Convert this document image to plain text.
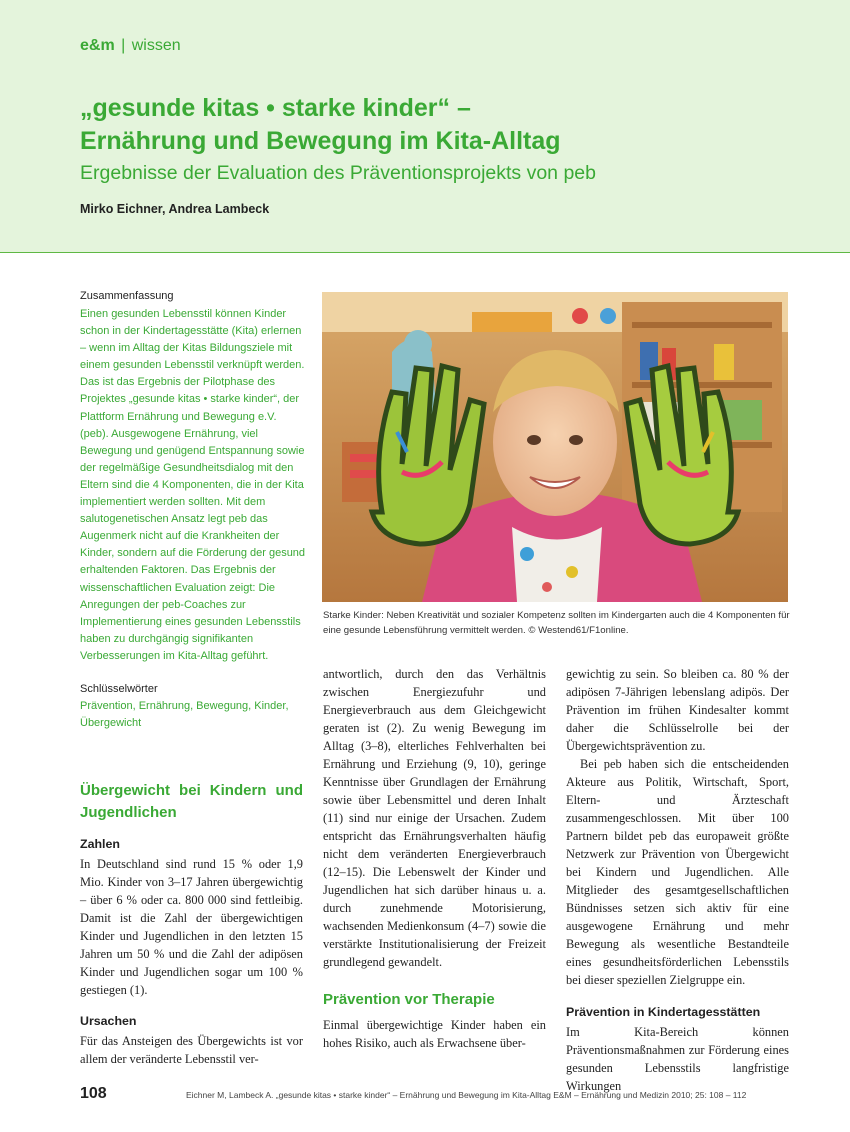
e&m | wissen
„gesunde kitas • starke kinder“ –
Ernährung und Bewegung im Kita-Alltag
Ergebnisse der Evaluation des Präventionsprojekts von peb
Mirko Eichner, Andrea Lambeck
Zusammenfassung
Einen gesunden Lebensstil können Kinder schon in der Kindertagesstätte (Kita) erlernen – wenn im Alltag der Kitas Bildungsziele mit einem gesunden Lebensstil verknüpft werden. Das ist das Ergebnis der Pilotphase des Projektes „gesunde kitas • starke kinder“, der Plattform Ernährung und Bewegung e.V. (peb). Ausgewogene Ernährung, viel Bewegung und genügend Entspannung sowie der regelmäßige Gesundheitsdialog mit den Eltern sind die 4 Komponenten, die in der Kita implementiert werden sollten. Mit dem salutogenetischen Ansatz legt peb das Augenmerk nicht auf die Krankheiten der Kinder, sondern auf die Förderung der gesund erhaltenden Faktoren. Das Ergebnis der wissenschaftlichen Evaluation zeigt: Die Anregungen der peb-Coaches zur Implementierung eines gesunden Lebensstils haben zu durchgängig signifikanten Verbesserungen im Kita-Alltag geführt.
Schlüsselwörter
Prävention, Ernährung, Bewegung, Kinder, Übergewicht
Starke Kinder: Neben Kreativität und sozialer Kompetenz sollten im Kindergarten auch die 4 Komponenten für eine gesunde Lebensführung vermittelt werden. © Westend61/F1online.
Übergewicht bei Kindern und Jugendlichen
Zahlen

In Deutschland sind rund 15 % oder 1,9 Mio. Kinder von 3–17 Jahren übergewichtig – über 6 % oder ca. 800 000 sind fettleibig. Damit ist die Zahl der übergewichtigen Kinder und Jugendlichen in den letzten 15 Jahren um 50 % und die Zahl der adipösen Kinder und Jugendlichen sogar um 100 % gestiegen (1).

Ursachen

Für das Ansteigen des Übergewichts ist vor allem der veränderte Lebensstil ver-

antwortlich, durch den das Verhältnis zwischen Energiezufuhr und Energieverbrauch aus dem Gleichgewicht geraten ist (2). Zu wenig Bewegung im Alltag (3–8), elterliches Fehlverhalten bei Ernährung und Erziehung (9, 10), geringe Kenntnisse über Grundlagen der Ernährung sowie über Lebensmittel und deren Inhalt (11) sind nur einige der Ursachen. Zudem entspricht das Ernährungsverhalten häufig nicht dem veränderten Energieverbrauch (12–15). Die Lebenswelt der Kinder und Jugendlichen hat sich darüber hinaus u. a. durch zunehmende Motorisierung, wachsenden Medienkonsum (4–7) sowie die verstärkte Institutionalisierung der Freizeit grundlegend gewandelt.

Prävention vor Therapie

Einmal übergewichtige Kinder haben ein hohes Risiko, auch als Erwachsene über-

gewichtig zu sein. So bleiben ca. 80 % der adipösen 7-Jährigen lebenslang adipös. Der Prävention im frühen Kindesalter kommt daher die Schlüsselrolle bei der Übergewichtsprävention zu.

Bei peb haben sich die entscheidenden Akteure aus Politik, Wirtschaft, Sport, Eltern- und Ärzteschaft zusammengeschlossen. Mit über 100 Partnern bildet peb das europaweit größte Netzwerk zur Prävention von Übergewicht bei Kindern und Jugendlichen. Alle Mitglieder des gesamtgesellschaftlichen Bündnisses setzen sich aktiv für eine ausgewogene Ernährung und mehr Bewegung als wesentliche Bestandteile eines gesundheitsförderlichen Lebensstils bei dieser speziellen Zielgruppe ein.

Prävention in Kindertagesstätten

Im Kita-Bereich können Präventionsmaßnahmen zur Förderung eines gesunden Lebensstils langfristige Wirkungen

108	Eichner M, Lambeck A. „gesunde kitas • starke kinder“ – Ernährung und Bewegung im Kita-Alltag E&M – Ernährung und Medizin 2010; 25: 108 – 112
